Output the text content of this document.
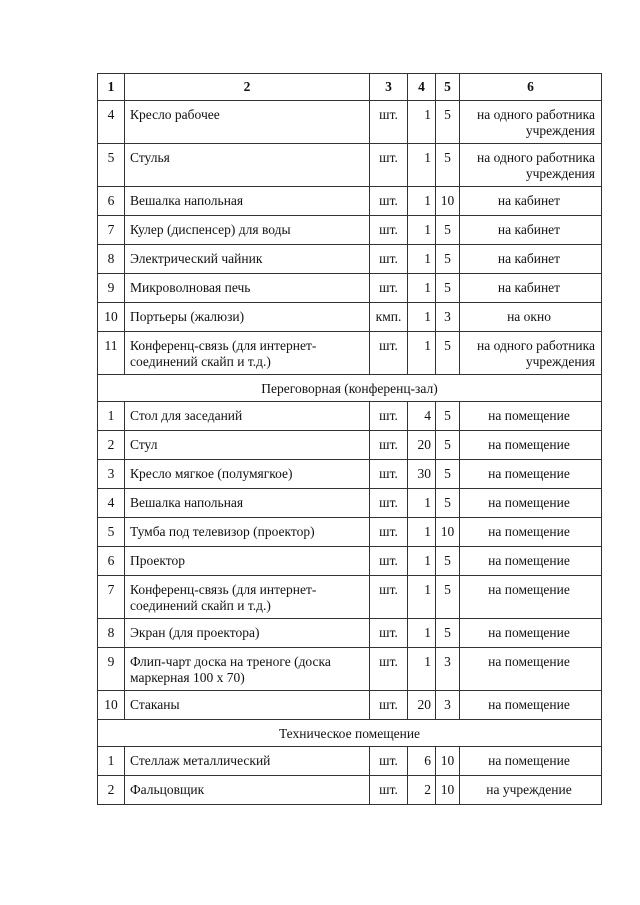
1	2	3	4	5	6
4	Кресло рабочее	шт.	1	5	на одного работника учреждения
5	Стулья	шт.	1	5	на одного работника учреждения
6	Вешалка напольная	шт.	1	10	на кабинет
7	Кулер (диспенсер) для воды	шт.	1	5	на кабинет
8	Электрический чайник	шт.	1	5	на кабинет
9	Микроволновая печь	шт.	1	5	на кабинет
10	Портьеры (жалюзи)	кмп.	1	3	на окно
11	Конференц-связь (для интернет-соединений скайп и т.д.)	шт.	1	5	на одного работника учреждения
Переговорная (конференц-зал)					
1	Стол для заседаний	шт.	4	5	на помещение
2	Стул	шт.	20	5	на помещение
3	Кресло мягкое (полумягкое)	шт.	30	5	на помещение
4	Вешалка напольная	шт.	1	5	на помещение
5	Тумба под телевизор (проектор)	шт.	1	10	на помещение
6	Проектор	шт.	1	5	на помещение
7	Конференц-связь (для интернет-соединений скайп и т.д.)	шт.	1	5	на помещение
8	Экран (для проектора)	шт.	1	5	на помещение
9	Флип-чарт доска на треноге (доска маркерная 100 х 70)	шт.	1	3	на помещение
10	Стаканы	шт.	20	3	на помещение
Техническое помещение					
1	Стеллаж металлический	шт.	6	10	на помещение
2	Фальцовщик	шт.	2	10	на учреждение
